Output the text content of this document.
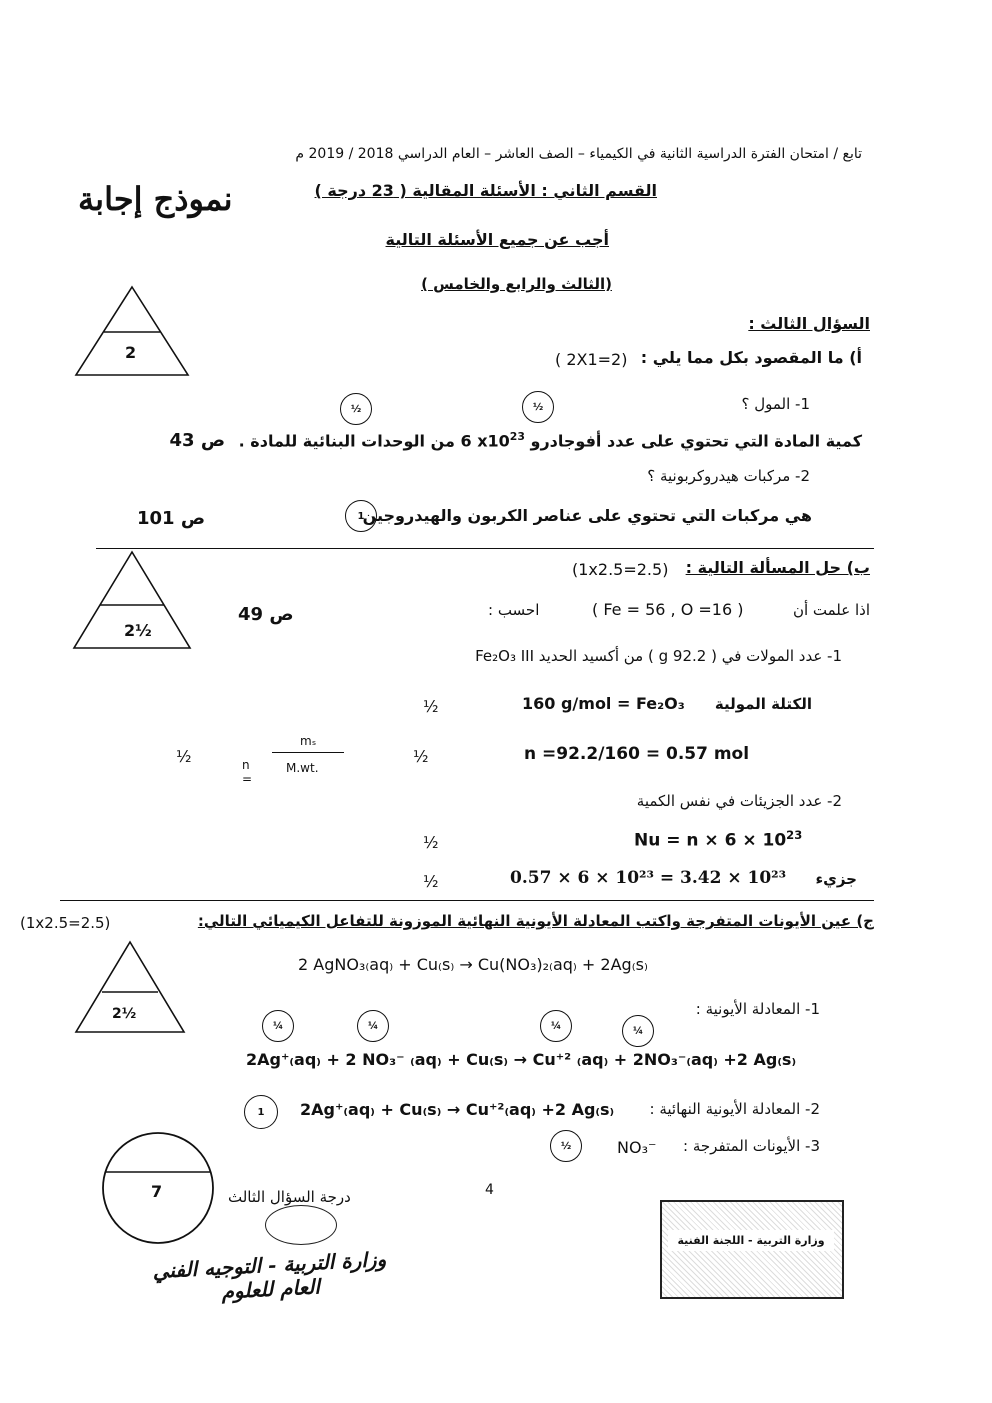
تابع / امتحان الفترة الدراسية الثانية في الكيمياء – الصف العاشر – العام الدراسي 2018 / 2019 م
نموذج إجابة	القسم الثاني : الأسئلة المقالية ( 23 درجة )
أجب عن جميع الأسئلة التالية
(الثالث والرابع والخامس )
السؤال الثالث :
2	أ) ما المقصود بكل مما يلي :
( 2X1=2)
½	½	1- المول ؟
كمية المادة التي تحتوي على عدد أفوجادرو 6 $x10^{23}$ من الوحدات البنائية للمادة . ص 43
2- مركبات هيدروكربونية ؟
هي مركبات التي تحتوي على عناصر الكربون والهيدروجين
1
ص 101
2½
ب) حل المسألة التالية :
(1x2.5=2.5)
ص 49	اذا علمت أن
( Fe = 56 , O =16 )
احسب :
1- عدد المولات في ( 92.2 g ) من أكسيد الحديد III Fe₂O₃
½	160 g/mol = Fe₂O₃ الكتلة المولية
½	n =
mₛ
M.wt.
½	n =92.2/160 = 0.57 mol
2- عدد الجزيئات في نفس الكمية
½	$Nu = n \times 6 \times 10^{23}$
½	0.57 × 6 × 10²³ = 3.42 × 10²³ جزيء
ج) عين الأيونات المتفرجة واكتب المعادلة الأيونية النهائية الموزونة للتفاعل الكيميائي التالي:
(1x2.5=2.5)
2½
2 AgNO₃₍aq₎ + Cu₍s₎ → Cu(NO₃)₂₍aq₎ + 2Ag₍s₎
1- المعادلة الأيونية :
¼	¼	¼	¼
2Ag⁺₍aq₎ + 2 NO₃⁻ ₍aq₎ + Cu₍s₎ → Cu⁺² ₍aq₎ + 2NO₃⁻₍aq₎ +2 Ag₍s₎
1	2Ag⁺₍aq₎ + Cu₍s₎ → Cu⁺²₍aq₎ +2 Ag₍s₎ 2- المعادلة الأيونية النهائية :
½	NO₃⁻ 3- الأيونات المتفرجة :
7	4
درجة السؤال الثالث
وزارة التربية - التوجيه الفني العام للعلوم
وزارة التربية - اللجنة الفنية
